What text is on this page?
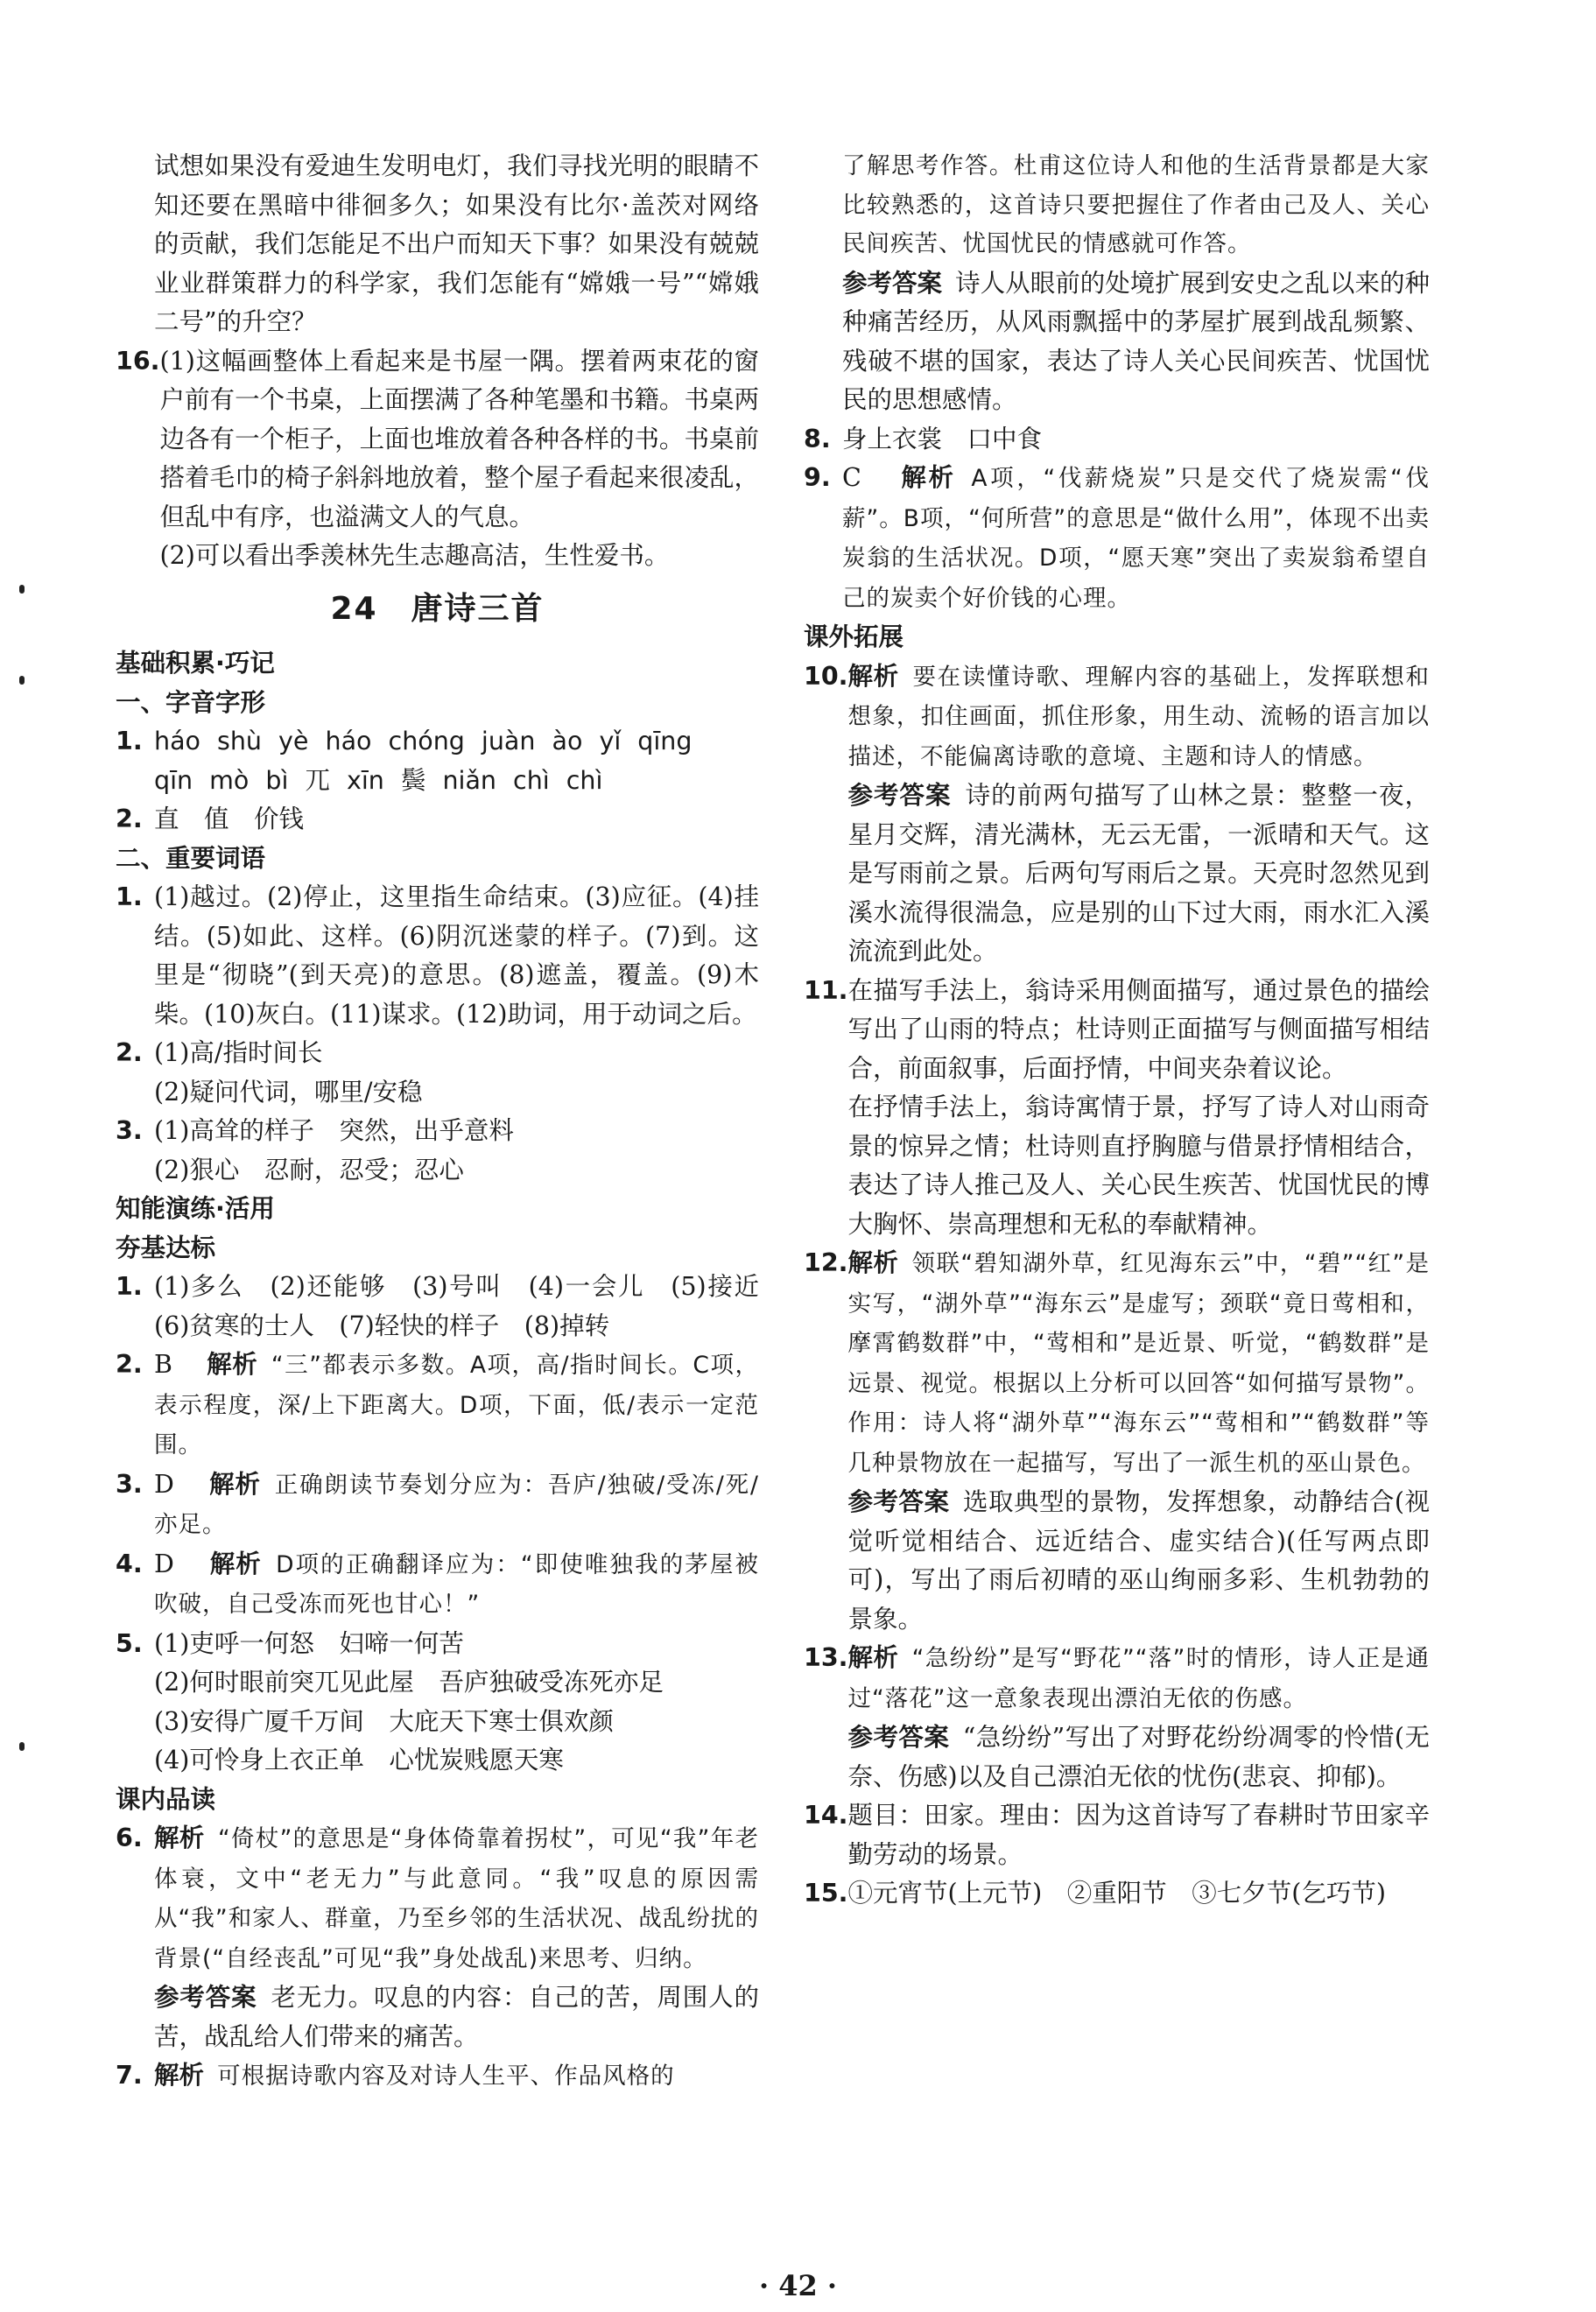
试想如果没有爱迪生发明电灯，我们寻找光明的眼睛不知还要在黑暗中徘徊多久；如果没有比尔·盖茨对网络的贡献，我们怎能足不出户而知天下事？如果没有兢兢业业群策群力的科学家，我们怎能有“嫦娥一号”“嫦娥二号”的升空？

16. (1)这幅画整体上看起来是书屋一隅。摆着两束花的窗户前有一个书桌，上面摆满了各种笔墨和书籍。书桌两边各有一个柜子，上面也堆放着各种各样的书。书桌前搭着毛巾的椅子斜斜地放着，整个屋子看起来很凌乱，但乱中有序，也溢满文人的气息。

(2)可以看出季羡林先生志趣高洁，生性爱书。

24　唐诗三首

基础积累·巧记

一、字音字形

1. háo shù yè háo chóng juàn ào yǐ qīng

qīn mò bì 兀 xīn 鬓 niǎn chì chì

2. 直　值　价钱

二、重要词语

1. (1)越过。(2)停止，这里指生命结束。(3)应征。(4)挂结。(5)如此、这样。(6)阴沉迷蒙的样子。(7)到。这里是“彻晓”(到天亮)的意思。(8)遮盖，覆盖。(9)木柴。(10)灰白。(11)谋求。(12)助词，用于动词之后。

2. (1)高/指时间长

(2)疑问代词，哪里/安稳

3. (1)高耸的样子　突然，出乎意料

(2)狠心　忍耐，忍受；忍心

知能演练·活用

夯基达标

1. (1)多么　(2)还能够　(3)号叫　(4)一会儿　(5)接近　(6)贫寒的士人　(7)轻快的样子　(8)掉转

2. B　 解析 “三”都表示多数。A项，高/指时间长。C项，表示程度，深/上下距离大。D项，下面，低/表示一定范围。

3. D　 解析 正确朗读节奏划分应为：吾庐/独破/受冻/死/亦足。

4. D　 解析 D项的正确翻译应为：“即使唯独我的茅屋被吹破，自己受冻而死也甘心！”

5. (1)吏呼一何怒　妇啼一何苦

(2)何时眼前突兀见此屋　吾庐独破受冻死亦足

(3)安得广厦千万间　大庇天下寒士俱欢颜

(4)可怜身上衣正单　心忧炭贱愿天寒

课内品读

6. 解析 “倚杖”的意思是“身体倚靠着拐杖”，可见“我”年老体衰，文中“老无力”与此意同。“我”叹息的原因需从“我”和家人、群童，乃至乡邻的生活状况、战乱纷扰的背景(“自经丧乱”可见“我”身处战乱)来思考、归纳。

参考答案 老无力。叹息的内容：自己的苦，周围人的苦，战乱给人们带来的痛苦。

7. 解析 可根据诗歌内容及对诗人生平、作品风格的

了解思考作答。杜甫这位诗人和他的生活背景都是大家比较熟悉的，这首诗只要把握住了作者由己及人、关心民间疾苦、忧国忧民的情感就可作答。

参考答案 诗人从眼前的处境扩展到安史之乱以来的种种痛苦经历，从风雨飘摇中的茅屋扩展到战乱频繁、残破不堪的国家，表达了诗人关心民间疾苦、忧国忧民的思想感情。

8. 身上衣裳　口中食

9. C　 解析 A项，“伐薪烧炭”只是交代了烧炭需“伐薪”。B项，“何所营”的意思是“做什么用”，体现不出卖炭翁的生活状况。D项，“愿天寒”突出了卖炭翁希望自己的炭卖个好价钱的心理。

课外拓展

10. 解析 要在读懂诗歌、理解内容的基础上，发挥联想和想象，扣住画面，抓住形象，用生动、流畅的语言加以描述，不能偏离诗歌的意境、主题和诗人的情感。

参考答案 诗的前两句描写了山林之景：整整一夜，星月交辉，清光满林，无云无雷，一派晴和天气。这是写雨前之景。后两句写雨后之景。天亮时忽然见到溪水流得很湍急，应是别的山下过大雨，雨水汇入溪流流到此处。

11. 在描写手法上，翁诗采用侧面描写，通过景色的描绘写出了山雨的特点；杜诗则正面描写与侧面描写相结合，前面叙事，后面抒情，中间夹杂着议论。

在抒情手法上，翁诗寓情于景，抒写了诗人对山雨奇景的惊异之情；杜诗则直抒胸臆与借景抒情相结合，表达了诗人推己及人、关心民生疾苦、忧国忧民的博大胸怀、崇高理想和无私的奉献精神。

12. 解析 领联“碧知湖外草，红见海东云”中，“碧”“红”是实写，“湖外草”“海东云”是虚写；颈联“竟日莺相和，摩霄鹤数群”中，“莺相和”是近景、听觉，“鹤数群”是远景、视觉。根据以上分析可以回答“如何描写景物”。作用：诗人将“湖外草”“海东云”“莺相和”“鹤数群”等几种景物放在一起描写，写出了一派生机的巫山景色。

参考答案 选取典型的景物，发挥想象，动静结合(视觉听觉相结合、远近结合、虚实结合)(任写两点即可)，写出了雨后初晴的巫山绚丽多彩、生机勃勃的景象。

13. 解析 “急纷纷”是写“野花”“落”时的情形，诗人正是通过“落花”这一意象表现出漂泊无依的伤感。

参考答案 “急纷纷”写出了对野花纷纷凋零的怜惜(无奈、伤感)以及自己漂泊无依的忧伤(悲哀、抑郁)。

14. 题目：田家。理由：因为这首诗写了春耕时节田家辛勤劳动的场景。

15. ①元宵节(上元节)　②重阳节　③七夕节(乞巧节)

· 42 ·
